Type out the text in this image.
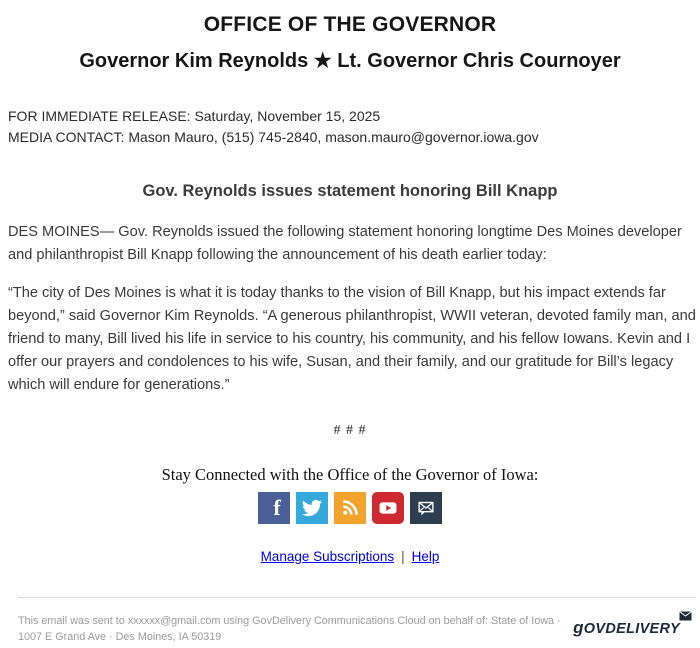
OFFICE OF THE GOVERNOR
Governor Kim Reynolds ★ Lt. Governor Chris Cournoyer
FOR IMMEDIATE RELEASE: Saturday, November 15, 2025
MEDIA CONTACT: Mason Mauro, (515) 745-2840, mason.mauro@governor.iowa.gov
Gov. Reynolds issues statement honoring Bill Knapp

DES MOINES— Gov. Reynolds issued the following statement honoring longtime Des Moines developer and philanthropist Bill Knapp following the announcement of his death earlier today:

“The city of Des Moines is what it is today thanks to the vision of Bill Knapp, but his impact extends far beyond,” said Governor Kim Reynolds. “A generous philanthropist, WWII veteran, devoted family man, and friend to many, Bill lived his life in service to his country, his community, and his fellow Iowans. Kevin and I offer our prayers and condolences to his wife, Susan, and their family, and our gratitude for Bill’s legacy which will endure for generations.”

# # #
Stay Connected with the Office of the Governor of Iowa:
f
Manage Subscriptions | Help
This email was sent to xxxxxx@gmail.com using GovDelivery Communications Cloud on behalf of: State of Iowa · 1007 E Grand Ave · Des Moines, IA 50319	gOVDELIVERY
